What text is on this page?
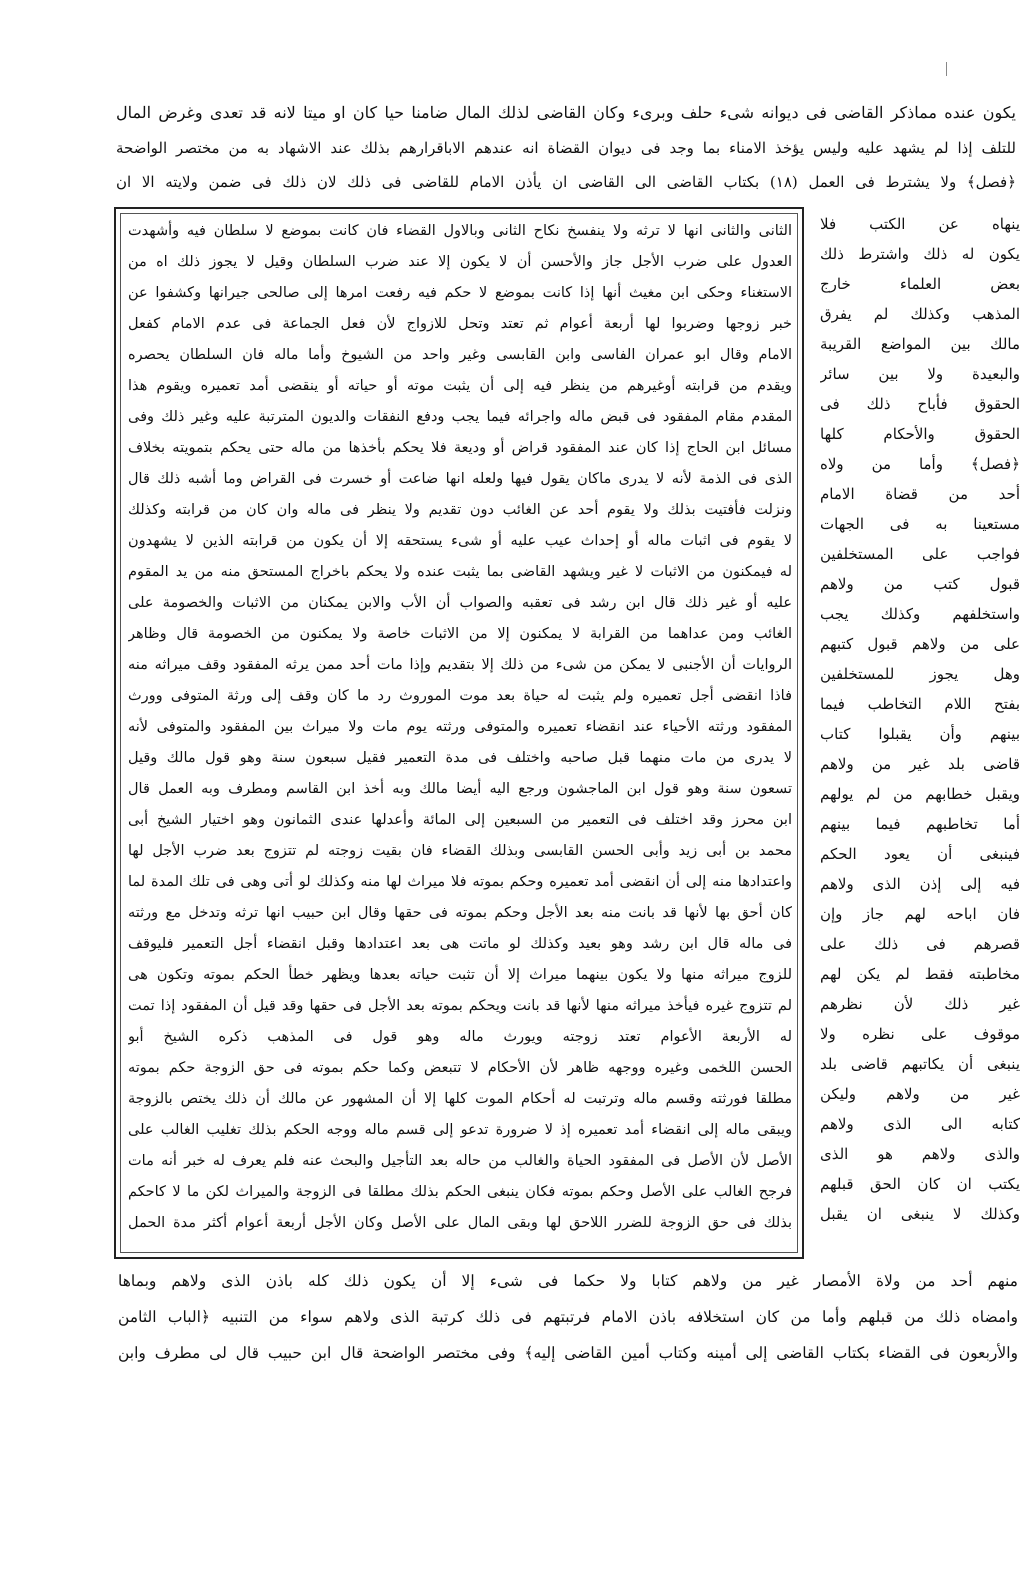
يكون عنده مماذكر القاضى فى ديوانه شىء حلف وبرىء وكان القاضى لذلك المال ضامنا حيا كان او ميتا لانه قد تعدى وغرض المال
للتلف إذا لم يشهد عليه وليس يؤخذ الامناء بما وجد فى ديوان القضاة انه عندهم الاباقرارهم بذلك عند الاشهاد به من مختصر الواضحة
﴿فصل﴾ ولا يشترط فى العمل (١٨) بكتاب القاضى الى القاضى ان يأذن الامام للقاضى فى ذلك لان ذلك فى ضمن ولايته الا ان
الثانى والثانى انها لا ترثه ولا ينفسخ نكاح الثانى وبالاول القضاء فان كانت بموضع لا سلطان فيه وأشهدت
العدول على ضرب الأجل جاز والأحسن أن لا يكون إلا عند ضرب السلطان وقيل لا يجوز ذلك اه من
الاستغناء وحكى ابن مغيث أنها إذا كانت بموضع لا حكم فيه رفعت امرها إلى صالحى جيرانها وكشفوا عن
خبر زوجها وضربوا لها أربعة أعوام ثم تعتد وتحل للازواج لأن فعل الجماعة فى عدم الامام كفعل
الامام وقال ابو عمران الفاسى وابن القابسى وغير واحد من الشيوخ وأما ماله فان السلطان يحصره
ويقدم من قرابته أوغيرهم من ينظر فيه إلى أن يثبت موته أو حياته أو ينقضى أمد تعميره ويقوم هذا
المقدم مقام المفقود فى قبض ماله واجرائه فيما يجب ودفع النفقات والديون المترتبة عليه وغير ذلك وفى
مسائل ابن الحاج إذا كان عند المفقود قراض أو وديعة فلا يحكم بأخذها من ماله حتى يحكم بتمويته بخلاف
الذى فى الذمة لأنه لا يدرى ماكان يقول فيها ولعله انها ضاعت أو خسرت فى القراض وما أشبه ذلك قال
ونزلت فأفتيت بذلك ولا يقوم أحد عن الغائب دون تقديم ولا ينظر فى ماله وان كان من قرابته وكذلك
لا يقوم فى اثبات ماله أو إحداث عيب عليه أو شىء يستحقه إلا أن يكون من قرابته الذين لا يشهدون
له فيمكنون من الاثبات لا غير ويشهد القاضى بما يثبت عنده ولا يحكم باخراج المستحق منه من يد المقوم
عليه أو غير ذلك قال ابن رشد فى تعقبه والصواب أن الأب والابن يمكنان من الاثبات والخصومة على
الغائب ومن عداهما من القرابة لا يمكنون إلا من الاثبات خاصة ولا يمكنون من الخصومة قال وظاهر
الروايات أن الأجنبى لا يمكن من شىء من ذلك إلا بتقديم وإذا مات أحد ممن يرثه المفقود وقف ميراثه منه
فاذا انقضى أجل تعميره ولم يثبت له حياة بعد موت الموروث رد ما كان وقف إلى ورثة المتوفى وورث
المفقود ورثته الأحياء عند انقضاء تعميره والمتوفى ورثته يوم مات ولا ميراث بين المفقود والمتوفى لأنه
لا يدرى من مات منهما قبل صاحبه واختلف فى مدة التعمير فقيل سبعون سنة وهو قول مالك وقيل
تسعون سنة وهو قول ابن الماجشون ورجع اليه أيضا مالك وبه أخذ ابن القاسم ومطرف وبه العمل قال
ابن محرز وقد اختلف فى التعمير من السبعين إلى المائة وأعدلها عندى الثمانون وهو اختيار الشيخ أبى
محمد بن أبى زيد وأبى الحسن القابسى وبذلك القضاء فان بقيت زوجته لم تتزوج بعد ضرب الأجل لها
واعتدادها منه إلى أن انقضى أمد تعميره وحكم بموته فلا ميراث لها منه وكذلك لو أتى وهى فى تلك المدة لما
كان أحق بها لأنها قد بانت منه بعد الأجل وحكم بموته فى حقها وقال ابن حبيب انها ترثه وتدخل مع ورثته
فى ماله قال ابن رشد وهو بعيد وكذلك لو ماتت هى بعد اعتدادها وقبل انقضاء أجل التعمير فليوقف
للزوج ميراثه منها ولا يكون بينهما ميراث إلا أن تثبت حياته بعدها ويظهر خطأ الحكم بموته وتكون هى
لم تتزوج غيره فيأخذ ميراثه منها لأنها قد بانت ويحكم بموته بعد الأجل فى حقها وقد قيل أن المفقود إذا تمت
له الأربعة الأعوام تعتد زوجته ويورث ماله وهو قول فى المذهب ذكره الشيخ أبو
الحسن اللخمى وغيره ووجهه ظاهر لأن الأحكام لا تتبعض وكما حكم بموته فى حق الزوجة حكم بموته
مطلقا فورثته وقسم ماله وترتبت له أحكام الموت كلها إلا أن المشهور عن مالك أن ذلك يختص بالزوجة
ويبقى ماله إلى انقضاء أمد تعميره إذ لا ضرورة تدعو إلى قسم ماله ووجه الحكم بذلك تغليب الغالب على
الأصل لأن الأصل فى المفقود الحياة والغالب من حاله بعد التأجيل والبحث عنه فلم يعرف له خبر أنه مات
فرجح الغالب على الأصل وحكم بموته فكان ينبغى الحكم بذلك مطلقا فى الزوجة والميراث لكن ما لا كاحكم
بذلك فى حق الزوجة للضرر اللاحق لها وبقى المال على الأصل وكان الأجل أربعة أعوام أكثر مدة الحمل
ينهاه عن الكتب فلا
يكون له ذلك واشترط ذلك
بعض العلماء خارج
المذهب وكذلك لم يفرق
مالك بين المواضع القريبة
والبعيدة ولا بين سائر
الحقوق فأباح ذلك فى
الحقوق والأحكام كلها
﴿فصل﴾ وأما من ولاه
أحد من قضاة الامام
مستعينا به فى الجهات
فواجب على المستخلفين
قبول كتب من ولاهم
واستخلفهم وكذلك يجب
على من ولاهم قبول كتبهم
وهل يجوز للمستخلفين
بفتح اللام التخاطب فيما
بينهم وأن يقبلوا كتاب
قاضى بلد غير من ولاهم
ويقبل خطابهم من لم يولهم
أما تخاطبهم فيما بينهم
فينبغى أن يعود الحكم
فيه إلى إذن الذى ولاهم
فان اباحه لهم جاز وإن
قصرهم فى ذلك على
مخاطبته فقط لم يكن لهم
غير ذلك لأن نظرهم
موقوف على نظره ولا
ينبغى أن يكاتبهم قاضى بلد
غير من ولاهم وليكن
كتابه الى الذى ولاهم
والذى ولاهم هو الذى
يكتب ان كان الحق قبلهم
وكذلك لا ينبغى ان يقبل
منهم أحد من ولاة الأمصار غير من ولاهم كتابا ولا حكما فى شىء إلا أن يكون ذلك كله باذن الذى ولاهم وبماها
وامضاه ذلك من قبلهم وأما من كان استخلافه باذن الامام فرتبتهم فى ذلك كرتبة الذى ولاهم سواء من التنبيه ﴿الباب الثامن
والأربعون فى القضاء بكتاب القاضى إلى أمينه وكتاب أمين القاضى إليه﴾ وفى مختصر الواضحة قال ابن حبيب قال لى مطرف وابن
